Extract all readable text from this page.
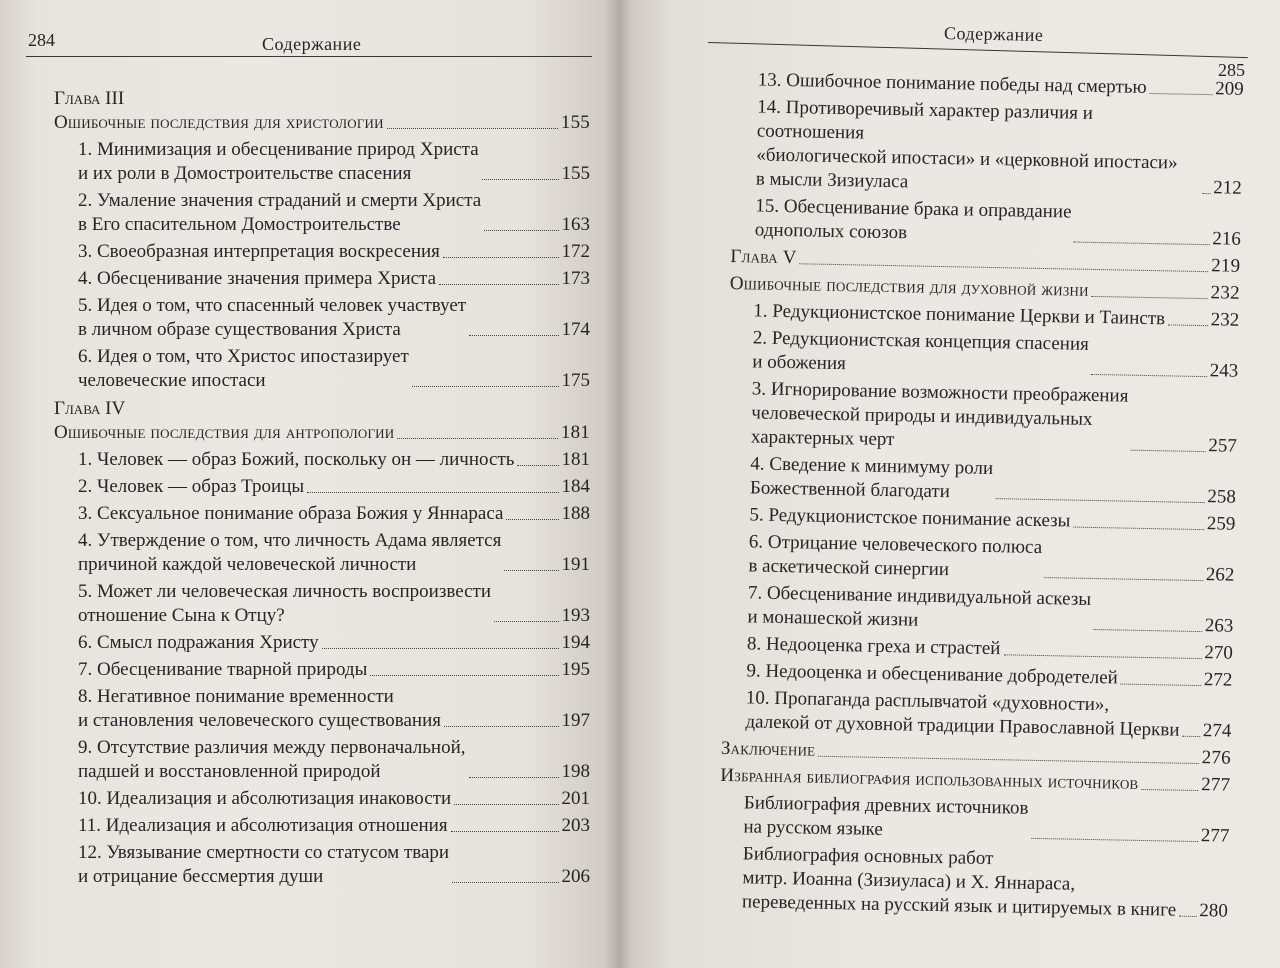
284	Содержание	Содержание
285
Глава III
Ошибочные последствия для христологии	155
1. Минимизация и обесценивание природ Христа
и их роли в Домостроительстве спасения	155
2. Умаление значения страданий и смерти Христа
в Его спасительном Домостроительстве	163
3. Своеобразная интерпретация воскресения	172
4. Обесценивание значения примера Христа	173
5. Идея о том, что спасенный человек участвует
в личном образе существования Христа	174
6. Идея о том, что Христос ипостазирует
человеческие ипостаси	175
Глава IV
Ошибочные последствия для антропологии	181
1. Человек — образ Божий, поскольку он — личность 181
2. Человек — образ Троицы	184
3. Сексуальное понимание образа Божия у Яннараса	188
4. Утверждение о том, что личность Адама является
причиной каждой человеческой личности	191
5. Может ли человеческая личность воспроизвести
отношение Сына к Отцу?	193
6. Смысл подражания Христу	194
7. Обесценивание тварной природы	195
8. Негативное понимание временности
и становления человеческого существования	197
9. Отсутствие различия между первоначальной,
падшей и восстановленной природой	198
10. Идеализация и абсолютизация инаковости	201
11. Идеализация и абсолютизация отношения	203
12. Увязывание смертности со статусом твари
и отрицание бессмертия души	206
13. Ошибочное понимание победы над смертью	209
14. Противоречивый характер различия и соотношения
«биологической ипостаси» и «церковной ипостаси»
в мысли Зизиуласа	212
15. Обесценивание брака и оправдание
однополых союзов	216
Глава V	219
Ошибочные последствия для духовной жизни	232
1. Редукционистское понимание Церкви и Таинств 232
2. Редукционистская концепция спасения
и обожения	243
3. Игнорирование возможности преображения
человеческой природы и индивидуальных
характерных черт	257
4. Сведение к минимуму роли
Божественной благодати	258
5. Редукционистское понимание аскезы	259
6. Отрицание человеческого полюса
в аскетической синергии	262
7. Обесценивание индивидуальной аскезы
и монашеской жизни	263
8. Недооценка греха и страстей	270
9. Недооценка и обесценивание добродетелей	272
10. Пропаганда расплывчатой «духовности»,
далекой от духовной традиции Православной Церкви 274
Заключение	276
Избранная библиография использованных источников	277
Библиография древних источников
на русском языке	277
Библиография основных работ
митр. Иоанна (Зизиуласа) и Х. Яннараса,
переведенных на русский язык и цитируемых в книге 280
